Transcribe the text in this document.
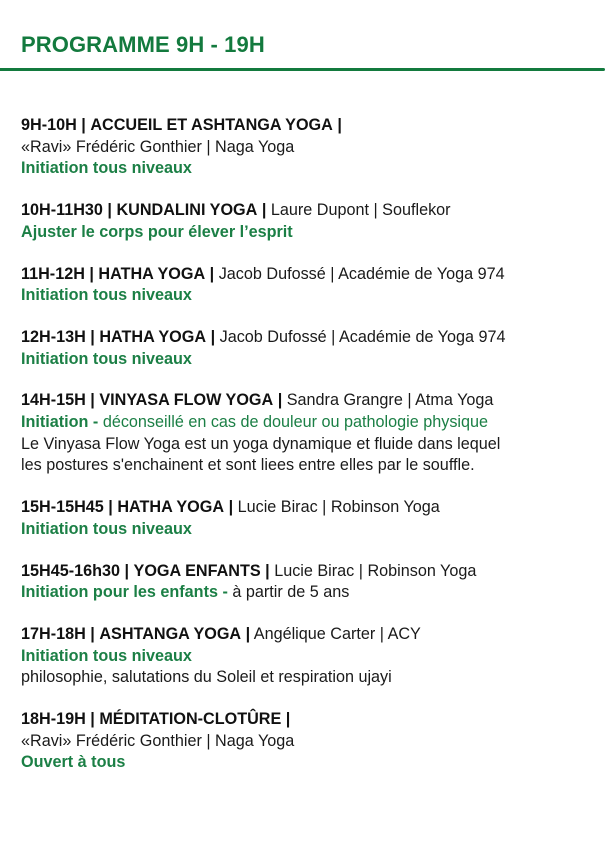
PROGRAMME 9H - 19H
9H-10H | ACCUEIL ET ASHTANGA YOGA |
«Ravi» Frédéric Gonthier | Naga Yoga
Initiation tous niveaux
10H-11H30 | KUNDALINI YOGA | Laure Dupont | Souflekor
Ajuster le corps pour élever l’esprit
11H-12H | HATHA YOGA | Jacob Dufossé | Académie de Yoga 974
Initiation tous niveaux
12H-13H | HATHA YOGA | Jacob Dufossé | Académie de Yoga 974
Initiation tous niveaux
14H-15H | VINYASA FLOW YOGA | Sandra Grangre | Atma Yoga
Initiation - déconseillé en cas de douleur ou pathologie physique
Le Vinyasa Flow Yoga est un yoga dynamique et fluide dans lequel
les postures s'enchainent et sont liees entre elles par le souffle.
15H-15H45 | HATHA YOGA | Lucie Birac | Robinson Yoga
Initiation tous niveaux
15H45-16h30 | YOGA ENFANTS | Lucie Birac | Robinson Yoga
Initiation pour les enfants - à partir de 5 ans
17H-18H | ASHTANGA YOGA | Angélique Carter | ACY
Initiation tous niveaux
philosophie, salutations du Soleil et respiration ujayi
18H-19H | MÉDITATION-CLOTÛRE |
«Ravi» Frédéric Gonthier | Naga Yoga
Ouvert à tous
